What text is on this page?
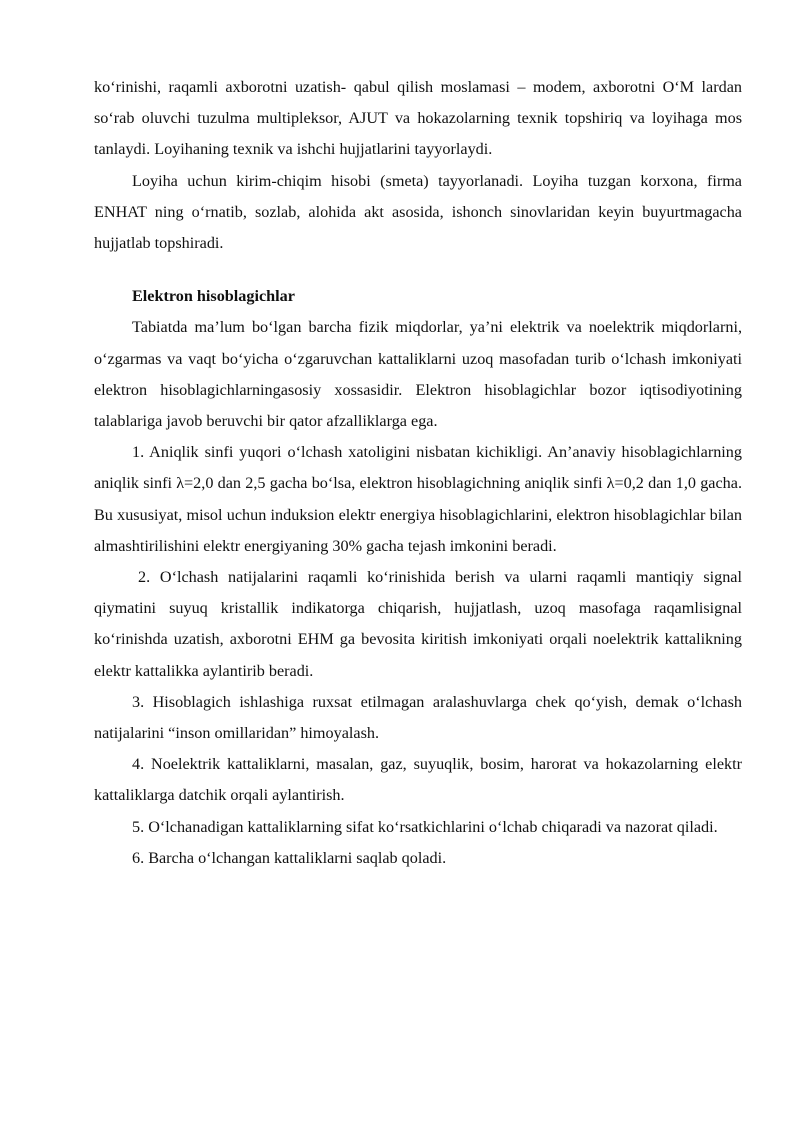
ko‘rinishi, raqamli axborotni uzatish- qabul qilish moslamasi – modem, axborotni O‘M lardan so‘rab oluvchi tuzulma multipleksor, AJUT va hokazolarning texnik topshiriq va loyihaga mos tanlaydi. Loyihaning texnik va ishchi hujjatlarini tayyorlaydi.

Loyiha uchun kirim-chiqim hisobi (smeta) tayyorlanadi. Loyiha tuzgan korxona, firma ENHAT ning o‘rnatib, sozlab, alohida akt asosida, ishonch sinovlaridan keyin buyurtmagacha hujjatlab topshiradi.

Elektron hisoblagichlar

Tabiatda ma’lum bo‘lgan barcha fizik miqdorlar, ya’ni elektrik va noelektrik miqdorlarni, o‘zgarmas va vaqt bo‘yicha o‘zgaruvchan kattaliklarni uzoq masofadan turib o‘lchash imkoniyati elektron hisoblagichlarningasosiy xossasidir. Elektron hisoblagichlar bozor iqtisodiyotining talablariga javob beruvchi bir qator afzalliklarga ega.

1. Aniqlik sinfi yuqori o‘lchash xatoligini nisbatan kichikligi. An’anaviy hisoblagichlarning aniqlik sinfi λ=2,0 dan 2,5 gacha bo‘lsa, elektron hisoblagichning aniqlik sinfi λ=0,2 dan 1,0 gacha. Bu xususiyat, misol uchun induksion elektr energiya hisoblagichlarini, elektron hisoblagichlar bilan almashtirilishini elektr energiyaning 30% gacha tejash imkonini beradi.

2. O‘lchash natijalarini raqamli ko‘rinishida berish va ularni raqamli mantiqiy signal qiymatini suyuq kristallik indikatorga chiqarish, hujjatlash, uzoq masofaga raqamlisignal ko‘rinishda uzatish, axborotni EHM ga bevosita kiritish imkoniyati orqali noelektrik kattalikning elektr kattalikka aylantirib beradi.

3. Hisoblagich ishlashiga ruxsat etilmagan aralashuvlarga chek qo‘yish, demak o‘lchash natijalarini “inson omillaridan” himoyalash.

4. Noelektrik kattaliklarni, masalan, gaz, suyuqlik, bosim, harorat va hokazolarning elektr kattaliklarga datchik orqali aylantirish.

5. O‘lchanadigan kattaliklarning sifat ko‘rsatkichlarini o‘lchab chiqaradi va nazorat qiladi.

6. Barcha o‘lchangan kattaliklarni saqlab qoladi.
